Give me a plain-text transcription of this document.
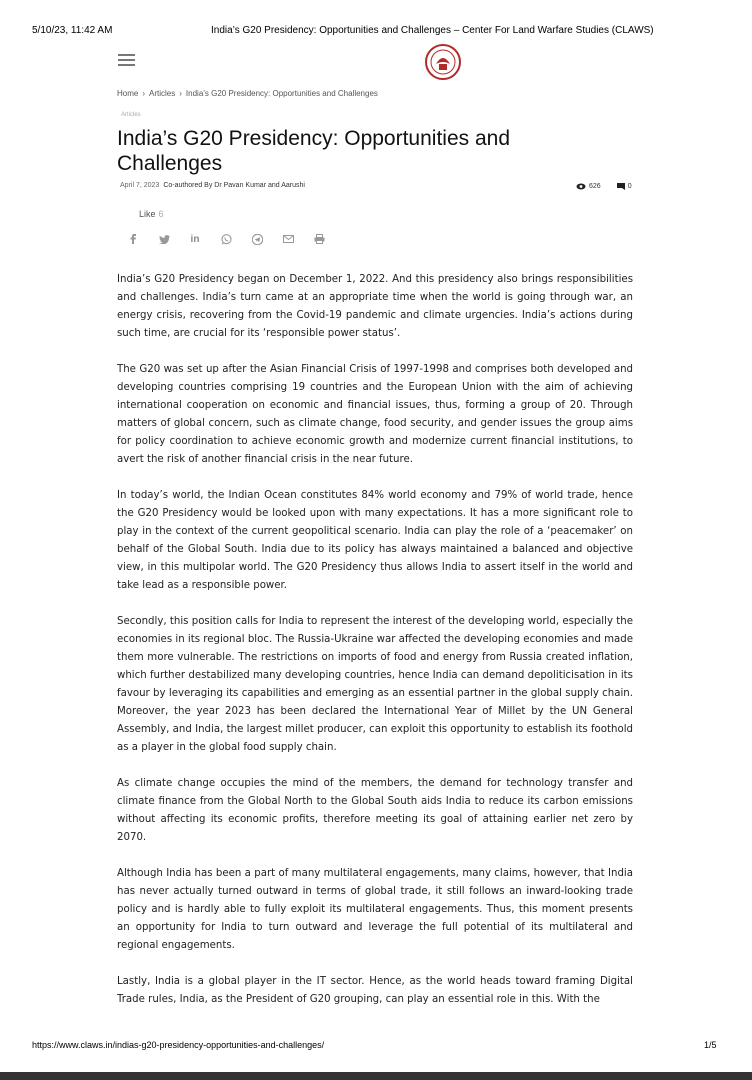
5/10/23, 11:42 AM	India’s G20 Presidency: Opportunities and Challenges – Center For Land Warfare Studies (CLAWS)
Home › Articles › India’s G20 Presidency: Opportunities and Challenges
Articles
India’s G20 Presidency: Opportunities and Challenges
April 7, 2023 Co-authored By Dr Pavan Kumar and Aarushi	626	0
Like 6
in

India’s G20 Presidency began on December 1, 2022. And this presidency also brings responsibilities and challenges. India’s turn came at an appropriate time when the world is going through war, an energy crisis, recovering from the Covid-19 pandemic and climate urgencies. India’s actions during such time, are crucial for its ‘responsible power status’.

The G20 was set up after the Asian Financial Crisis of 1997-1998 and comprises both developed and developing countries comprising 19 countries and the European Union with the aim of achieving international cooperation on economic and financial issues, thus, forming a group of 20. Through matters of global concern, such as climate change, food security, and gender issues the group aims for policy coordination to achieve economic growth and modernize current financial institutions, to avert the risk of another financial crisis in the near future.

In today’s world, the Indian Ocean constitutes 84% world economy and 79% of world trade, hence the G20 Presidency would be looked upon with many expectations. It has a more significant role to play in the context of the current geopolitical scenario. India can play the role of a ‘peacemaker’ on behalf of the Global South. India due to its policy has always maintained a balanced and objective view, in this multipolar world. The G20 Presidency thus allows India to assert itself in the world and take lead as a responsible power.

Secondly, this position calls for India to represent the interest of the developing world, especially the economies in its regional bloc. The Russia-Ukraine war affected the developing economies and made them more vulnerable. The restrictions on imports of food and energy from Russia created inflation, which further destabilized many developing countries, hence India can demand depoliticisation in its favour by leveraging its capabilities and emerging as an essential partner in the global supply chain. Moreover, the year 2023 has been declared the International Year of Millet by the UN General Assembly, and India, the largest millet producer, can exploit this opportunity to establish its foothold as a player in the global food supply chain.

As climate change occupies the mind of the members, the demand for technology transfer and climate finance from the Global North to the Global South aids India to reduce its carbon emissions without affecting its economic profits, therefore meeting its goal of attaining earlier net zero by 2070.

Although India has been a part of many multilateral engagements, many claims, however, that India has never actually turned outward in terms of global trade, it still follows an inward-looking trade policy and is hardly able to fully exploit its multilateral engagements. Thus, this moment presents an opportunity for India to turn outward and leverage the full potential of its multilateral and regional engagements.

Lastly, India is a global player in the IT sector. Hence, as the world heads toward framing Digital Trade rules, India, as the President of G20 grouping, can play an essential role in this. With the

https://www.claws.in/indias-g20-presidency-opportunities-and-challenges/	1/5
